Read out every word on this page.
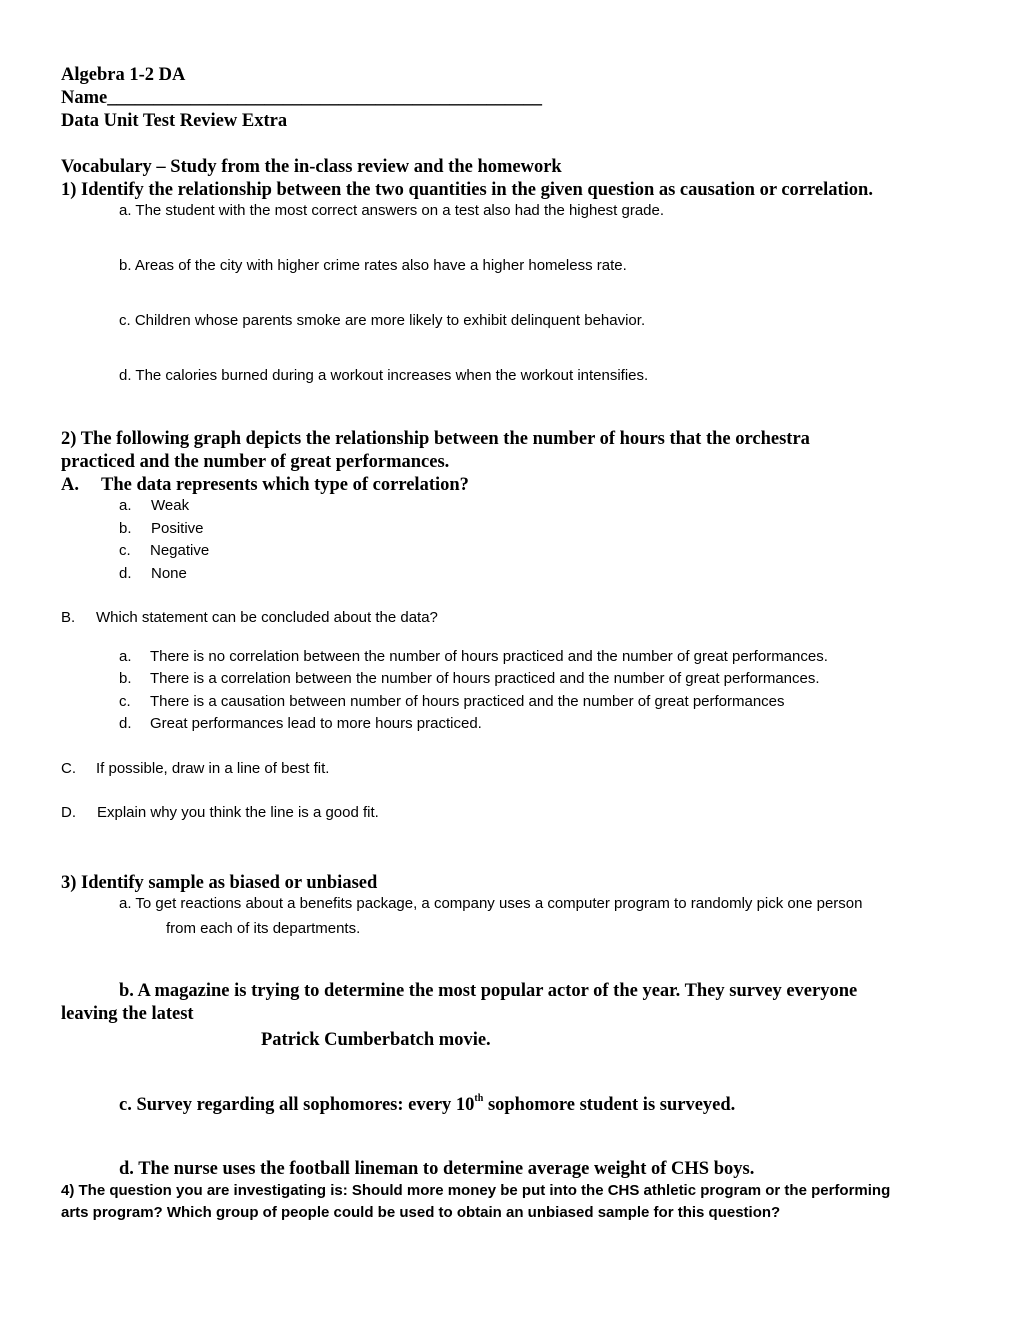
Algebra 1-2 DA
Name_______________________________________________
Data Unit Test Review Extra
Vocabulary – Study from the in-class review and the homework
1) Identify the relationship between the two quantities in the given question as causation or correlation.
a. The student with the most correct answers on a test also had the highest grade.
b. Areas of the city with higher crime rates also have a higher homeless rate.
c. Children whose parents smoke are more likely to exhibit delinquent behavior.
d. The calories burned during a workout increases when the workout intensifies.
2) The following graph depicts the relationship between the number of hours that the orchestra
practiced and the number of great performances.
A. The data represents which type of correlation?
a. Weak
b. Positive
c. Negative
d. None
B. Which statement can be concluded about the data?
a. There is no correlation between the number of hours practiced and the number of great performances.
b. There is a correlation between the number of hours practiced and the number of great performances.
c. There is a causation between number of hours practiced and the number of great performances
d. Great performances lead to more hours practiced.
C. If possible, draw in a line of best fit.
D. Explain why you think the line is a good fit.
3) Identify sample as biased or unbiased
a. To get reactions about a benefits package, a company uses a computer program to randomly pick one person
from each of its departments.
b. A magazine is trying to determine the most popular actor of the year. They survey everyone
leaving the latest
Patrick Cumberbatch movie.
c. Survey regarding all sophomores: every 10th sophomore student is surveyed.
d. The nurse uses the football lineman to determine average weight of CHS boys.
4) The question you are investigating is: Should more money be put into the CHS athletic program or the performing
arts program? Which group of people could be used to obtain an unbiased sample for this question?
